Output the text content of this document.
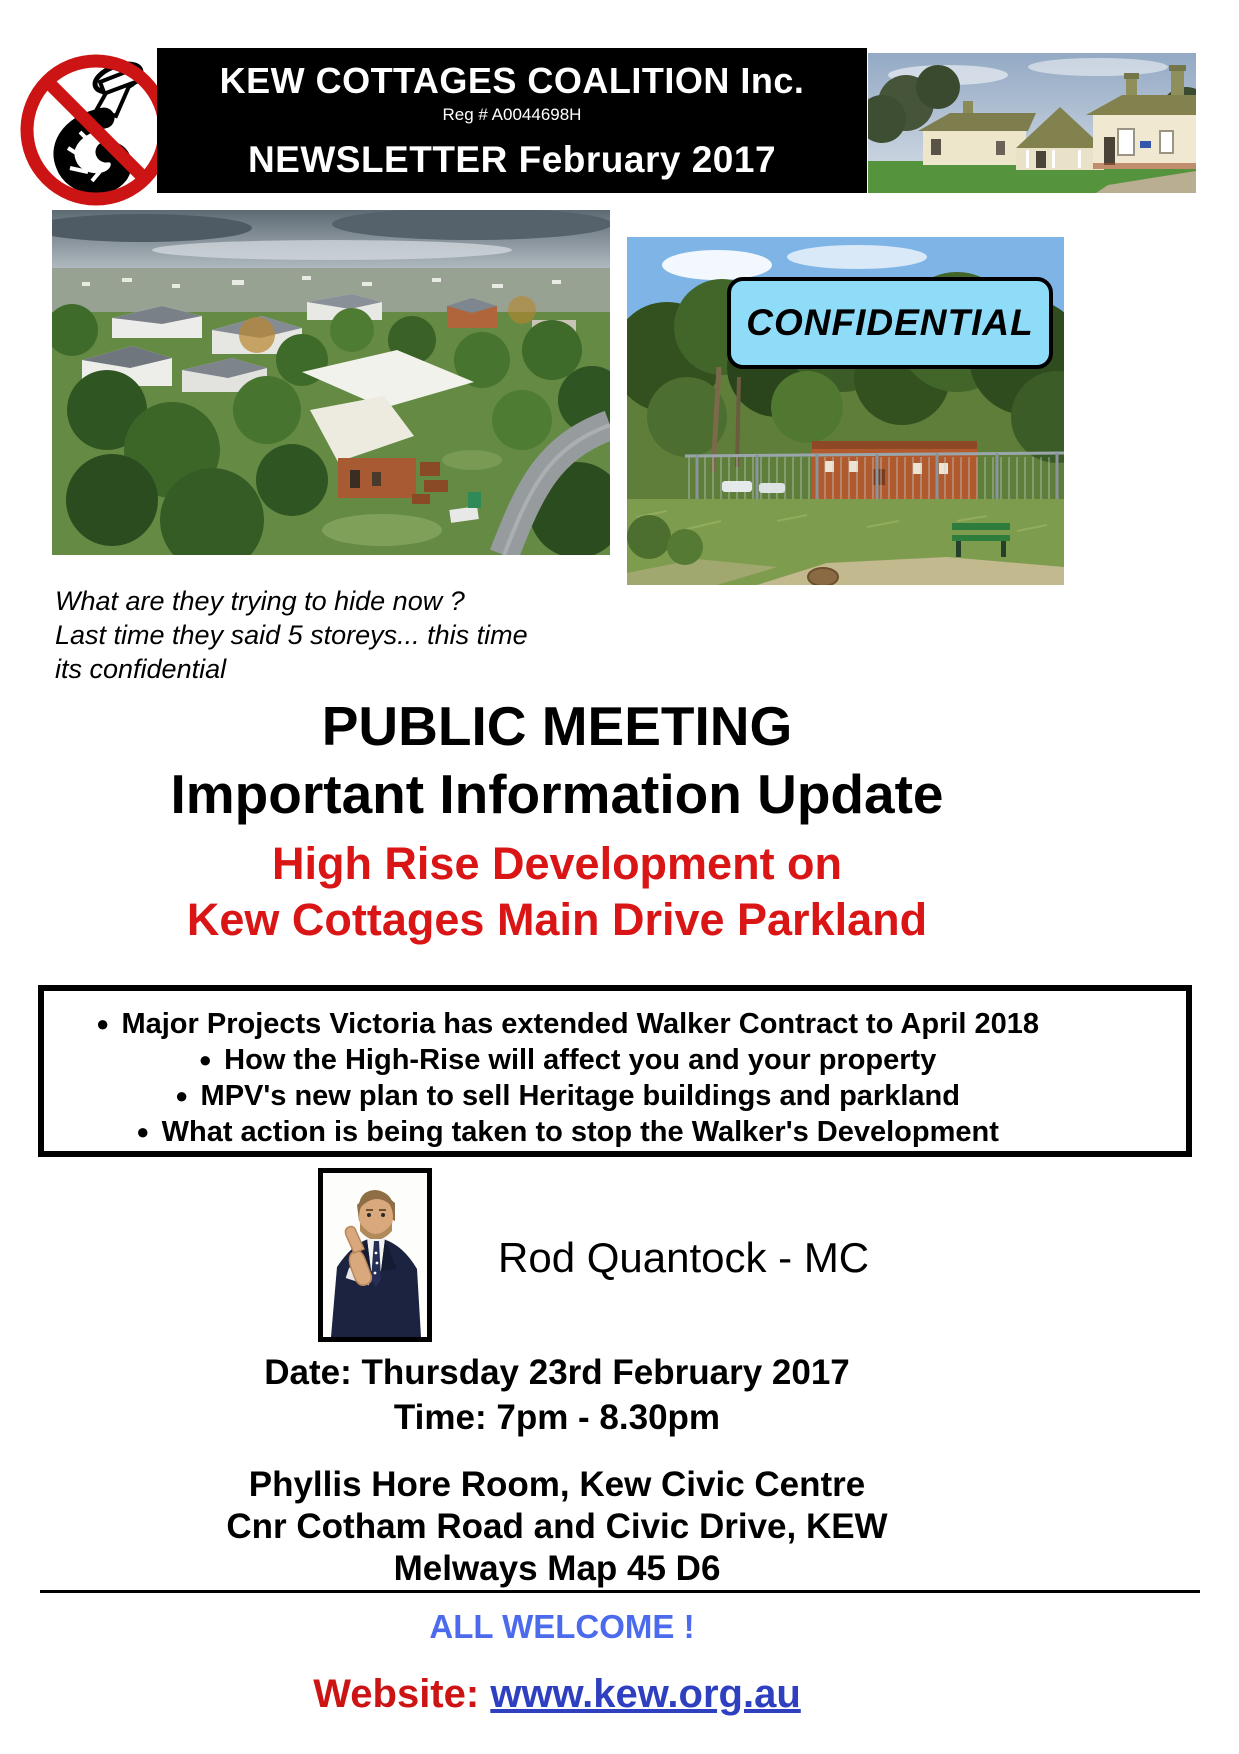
KEW COTTAGES COALITION Inc.
Reg # A0044698H
NEWSLETTER February 2017
CONFIDENTIAL
What are they trying to hide now ?
Last time they said 5 storeys... this time
its confidential
PUBLIC MEETING
Important Information Update
High Rise Development on
Kew Cottages Main Drive Parkland
●  Major Projects Victoria has extended Walker Contract to April 2018
●  How the High-Rise will affect you and your property
●  MPV's new plan to sell Heritage buildings and parkland
●  What action is being taken to stop the Walker's Development
Rod Quantock - MC
Date: Thursday 23rd February 2017
Time: 7pm - 8.30pm
Phyllis Hore Room, Kew Civic Centre
Cnr Cotham Road and Civic Drive, KEW
Melways Map 45 D6
ALL WELCOME !
Website: www.kew.org.au
